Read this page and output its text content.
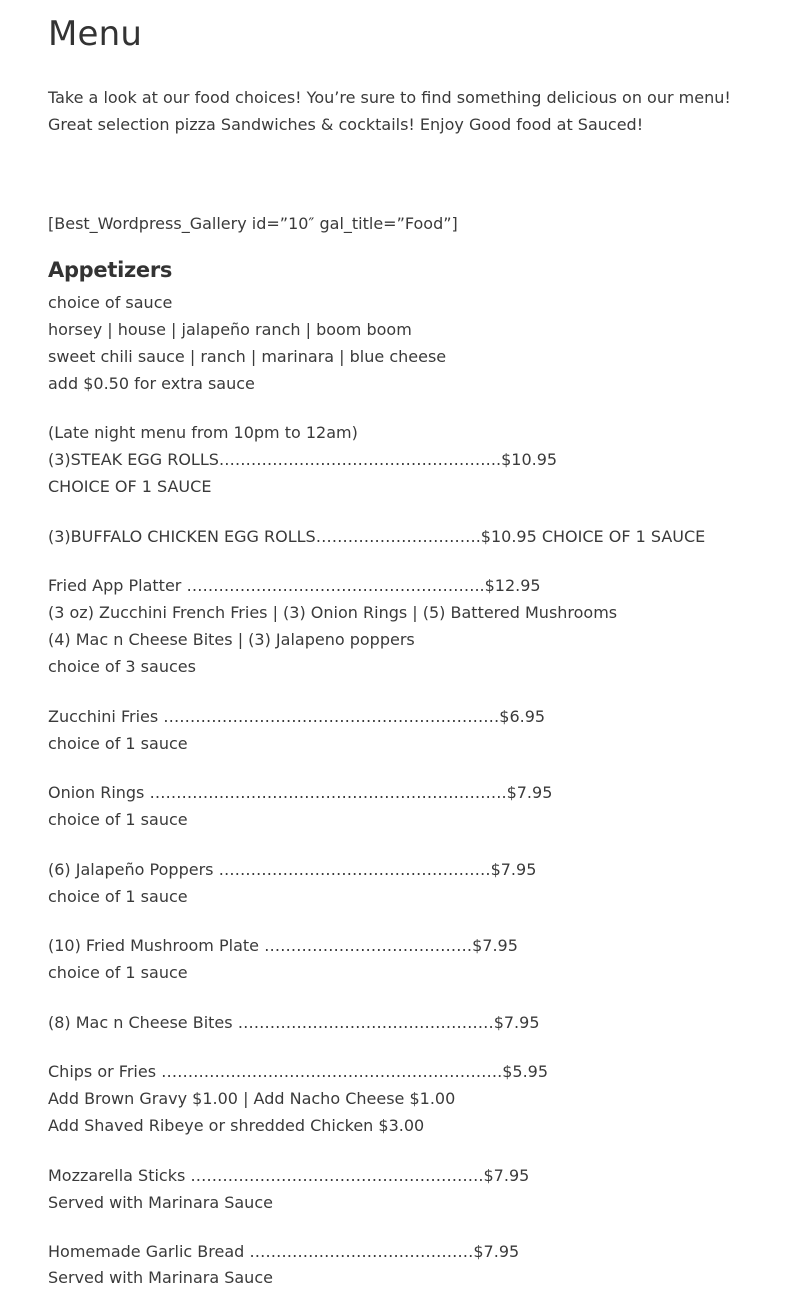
Menu
Take a look at our food choices! You’re sure to find something delicious on our menu!
Great selection pizza Sandwiches & cocktails! Enjoy Good food at Sauced!
[Best_Wordpress_Gallery id=”10″ gal_title=”Food”]
Appetizers
choice of sauce
horsey | house | jalapeño ranch | boom boom
sweet chili sauce | ranch | marinara | blue cheese
add $0.50 for extra sauce
(Late night menu from 10pm to 12am)
(3)STEAK EGG ROLLS……………………………………………..$10.95
CHOICE OF 1 SAUCE
(3)BUFFALO CHICKEN EGG ROLLS………………………….$10.95 CHOICE OF 1 SAUCE
Fried App Platter ………………………………………………..$12.95
(3 oz) Zucchini French Fries | (3) Onion Rings | (5) Battered Mushrooms
(4) Mac n Cheese Bites | (3) Jalapeno poppers
choice of 3 sauces
Zucchini Fries ………………………………………………………$6.95
choice of 1 sauce
Onion Rings ………………………………………………………….$7.95
choice of 1 sauce
(6) Jalapeño Poppers ……………………………………………$7.95
choice of 1 sauce
(10) Fried Mushroom Plate …………………………………$7.95
choice of 1 sauce
(8) Mac n Cheese Bites …………………………………………$7.95
Chips or Fries ……………………………………………………….$5.95
Add Brown Gravy $1.00 | Add Nacho Cheese $1.00
Add Shaved Ribeye or shredded Chicken $3.00
Mozzarella Sticks ……………………………………………….$7.95
Served with Marinara Sauce
Homemade Garlic Bread ……………………………………$7.95
Served with Marinara Sauce
